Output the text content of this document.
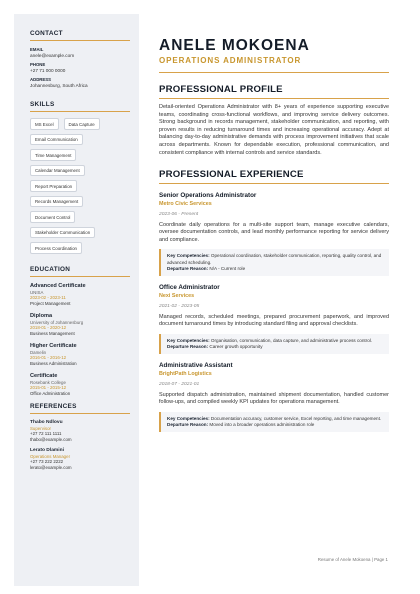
CONTACT
EMAIL
anele@example.com
PHONE
+27 71 000 0000
ADDRESS
Johannesburg, South Africa
SKILLS
MS Excel	Data Capture
Email Communication
Time Management
Calendar Management
Report Preparation
Records Management
Document Control
Stakeholder Communication
Process Coordination
EDUCATION
Advanced Certificate
UNISA
2023-02 - 2023-11
Project Management
Diploma
University of Johannesburg
2018-01 - 2020-12
Business Management
Higher Certificate
Damelin
2016-01 - 2016-12
Business Administration
Certificate
Rosebank College
2015-01 - 2015-12
Office Administration
REFERENCES
Thabo Ndlovu
Supervisor
+27 72 111 1111
thabo@example.com
Lerato Dlamini
Operations Manager
+27 73 222 2222
lerato@example.com
ANELE MOKOENA
OPERATIONS ADMINISTRATOR
PROFESSIONAL PROFILE
Detail-oriented Operations Administrator with 8+ years of experience supporting executive teams, coordinating cross-functional workflows, and improving service delivery outcomes. Strong background in records management, stakeholder communication, and reporting, with proven results in reducing turnaround times and increasing operational accuracy. Adept at balancing day-to-day administrative demands with process improvement initiatives that scale across departments. Known for dependable execution, professional communication, and consistent compliance with internal controls and service standards.
PROFESSIONAL EXPERIENCE
Senior Operations Administrator
Metro Civic Services
2023-06 - Present
Coordinate daily operations for a multi-site support team, manage executive calendars, oversee documentation controls, and lead monthly performance reporting for service delivery and compliance.
Key Competencies: Operational coordination, stakeholder communication, reporting, quality control, and advanced scheduling.
Departure Reason: N/A - Current role
Office Administrator
Nexi Services
2021-02 - 2023-05
Managed records, scheduled meetings, prepared procurement paperwork, and improved document turnaround times by introducing standard filing and approval checklists.
Key Competencies: Organisation, communication, data capture, and administrative process control.
Departure Reason: Career growth opportunity
Administrative Assistant
BrightPath Logistics
2018-07 - 2021-01
Supported dispatch administration, maintained shipment documentation, handled customer follow-ups, and compiled weekly KPI updates for operations management.
Key Competencies: Documentation accuracy, customer service, Excel reporting, and time management.
Departure Reason: Moved into a broader operations administration role
Resume of Anele Mokoena | Page 1
